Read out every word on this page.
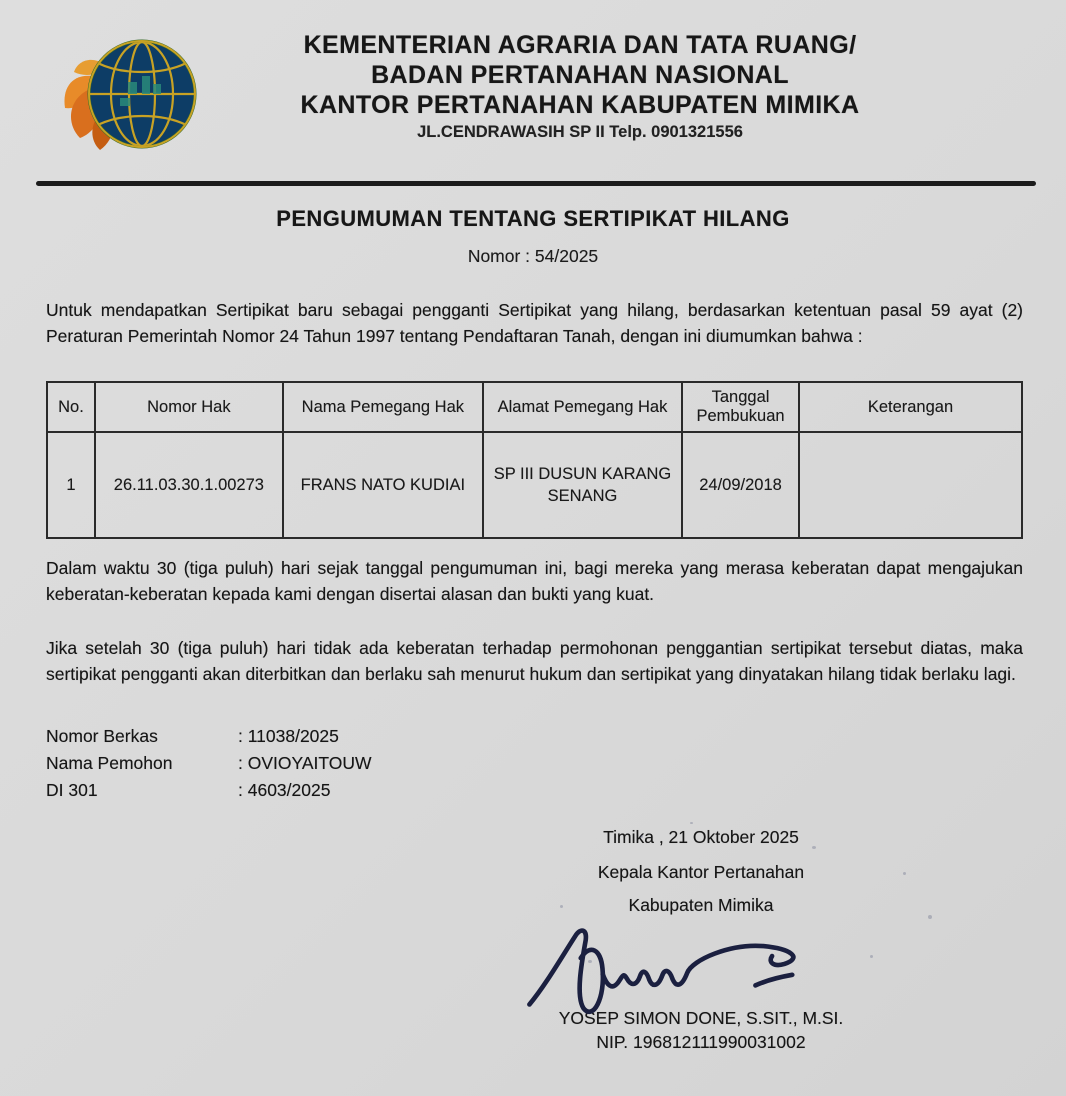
KEMENTERIAN AGRARIA DAN TATA RUANG/
BADAN PERTANAHAN NASIONAL
KANTOR PERTANAHAN KABUPATEN MIMIKA
JL.CENDRAWASIH SP II Telp. 0901321556
PENGUMUMAN TENTANG SERTIPIKAT HILANG
Nomor : 54/2025

Untuk mendapatkan Sertipikat baru sebagai pengganti Sertipikat yang hilang, berdasarkan ketentuan pasal 59 ayat (2) Peraturan Pemerintah Nomor 24 Tahun 1997 tentang Pendaftaran Tanah, dengan ini diumumkan bahwa :

No.	Nomor Hak	Nama Pemegang Hak	Alamat Pemegang Hak	Tanggal Pembukuan	Keterangan
1	26.11.03.30.1.00273	FRANS NATO KUDIAI	SP III DUSUN KARANG SENANG	24/09/2018	

Dalam waktu 30 (tiga puluh) hari sejak tanggal pengumuman ini, bagi mereka yang merasa keberatan dapat mengajukan keberatan-keberatan kepada kami dengan disertai alasan dan bukti yang kuat.

Jika setelah 30 (tiga puluh) hari tidak ada keberatan terhadap permohonan penggantian sertipikat tersebut diatas, maka sertipikat pengganti akan diterbitkan dan berlaku sah menurut hukum dan sertipikat yang dinyatakan hilang tidak berlaku lagi.

Nomor Berkas	: 11038/2025
Nama Pemohon	: OVIOYAITOUW
DI 301	: 4603/2025
Timika , 21 Oktober 2025
Kepala Kantor Pertanahan
Kabupaten Mimika
YOSEP SIMON DONE, S.SIT., M.SI.
NIP. 196812111990031002
